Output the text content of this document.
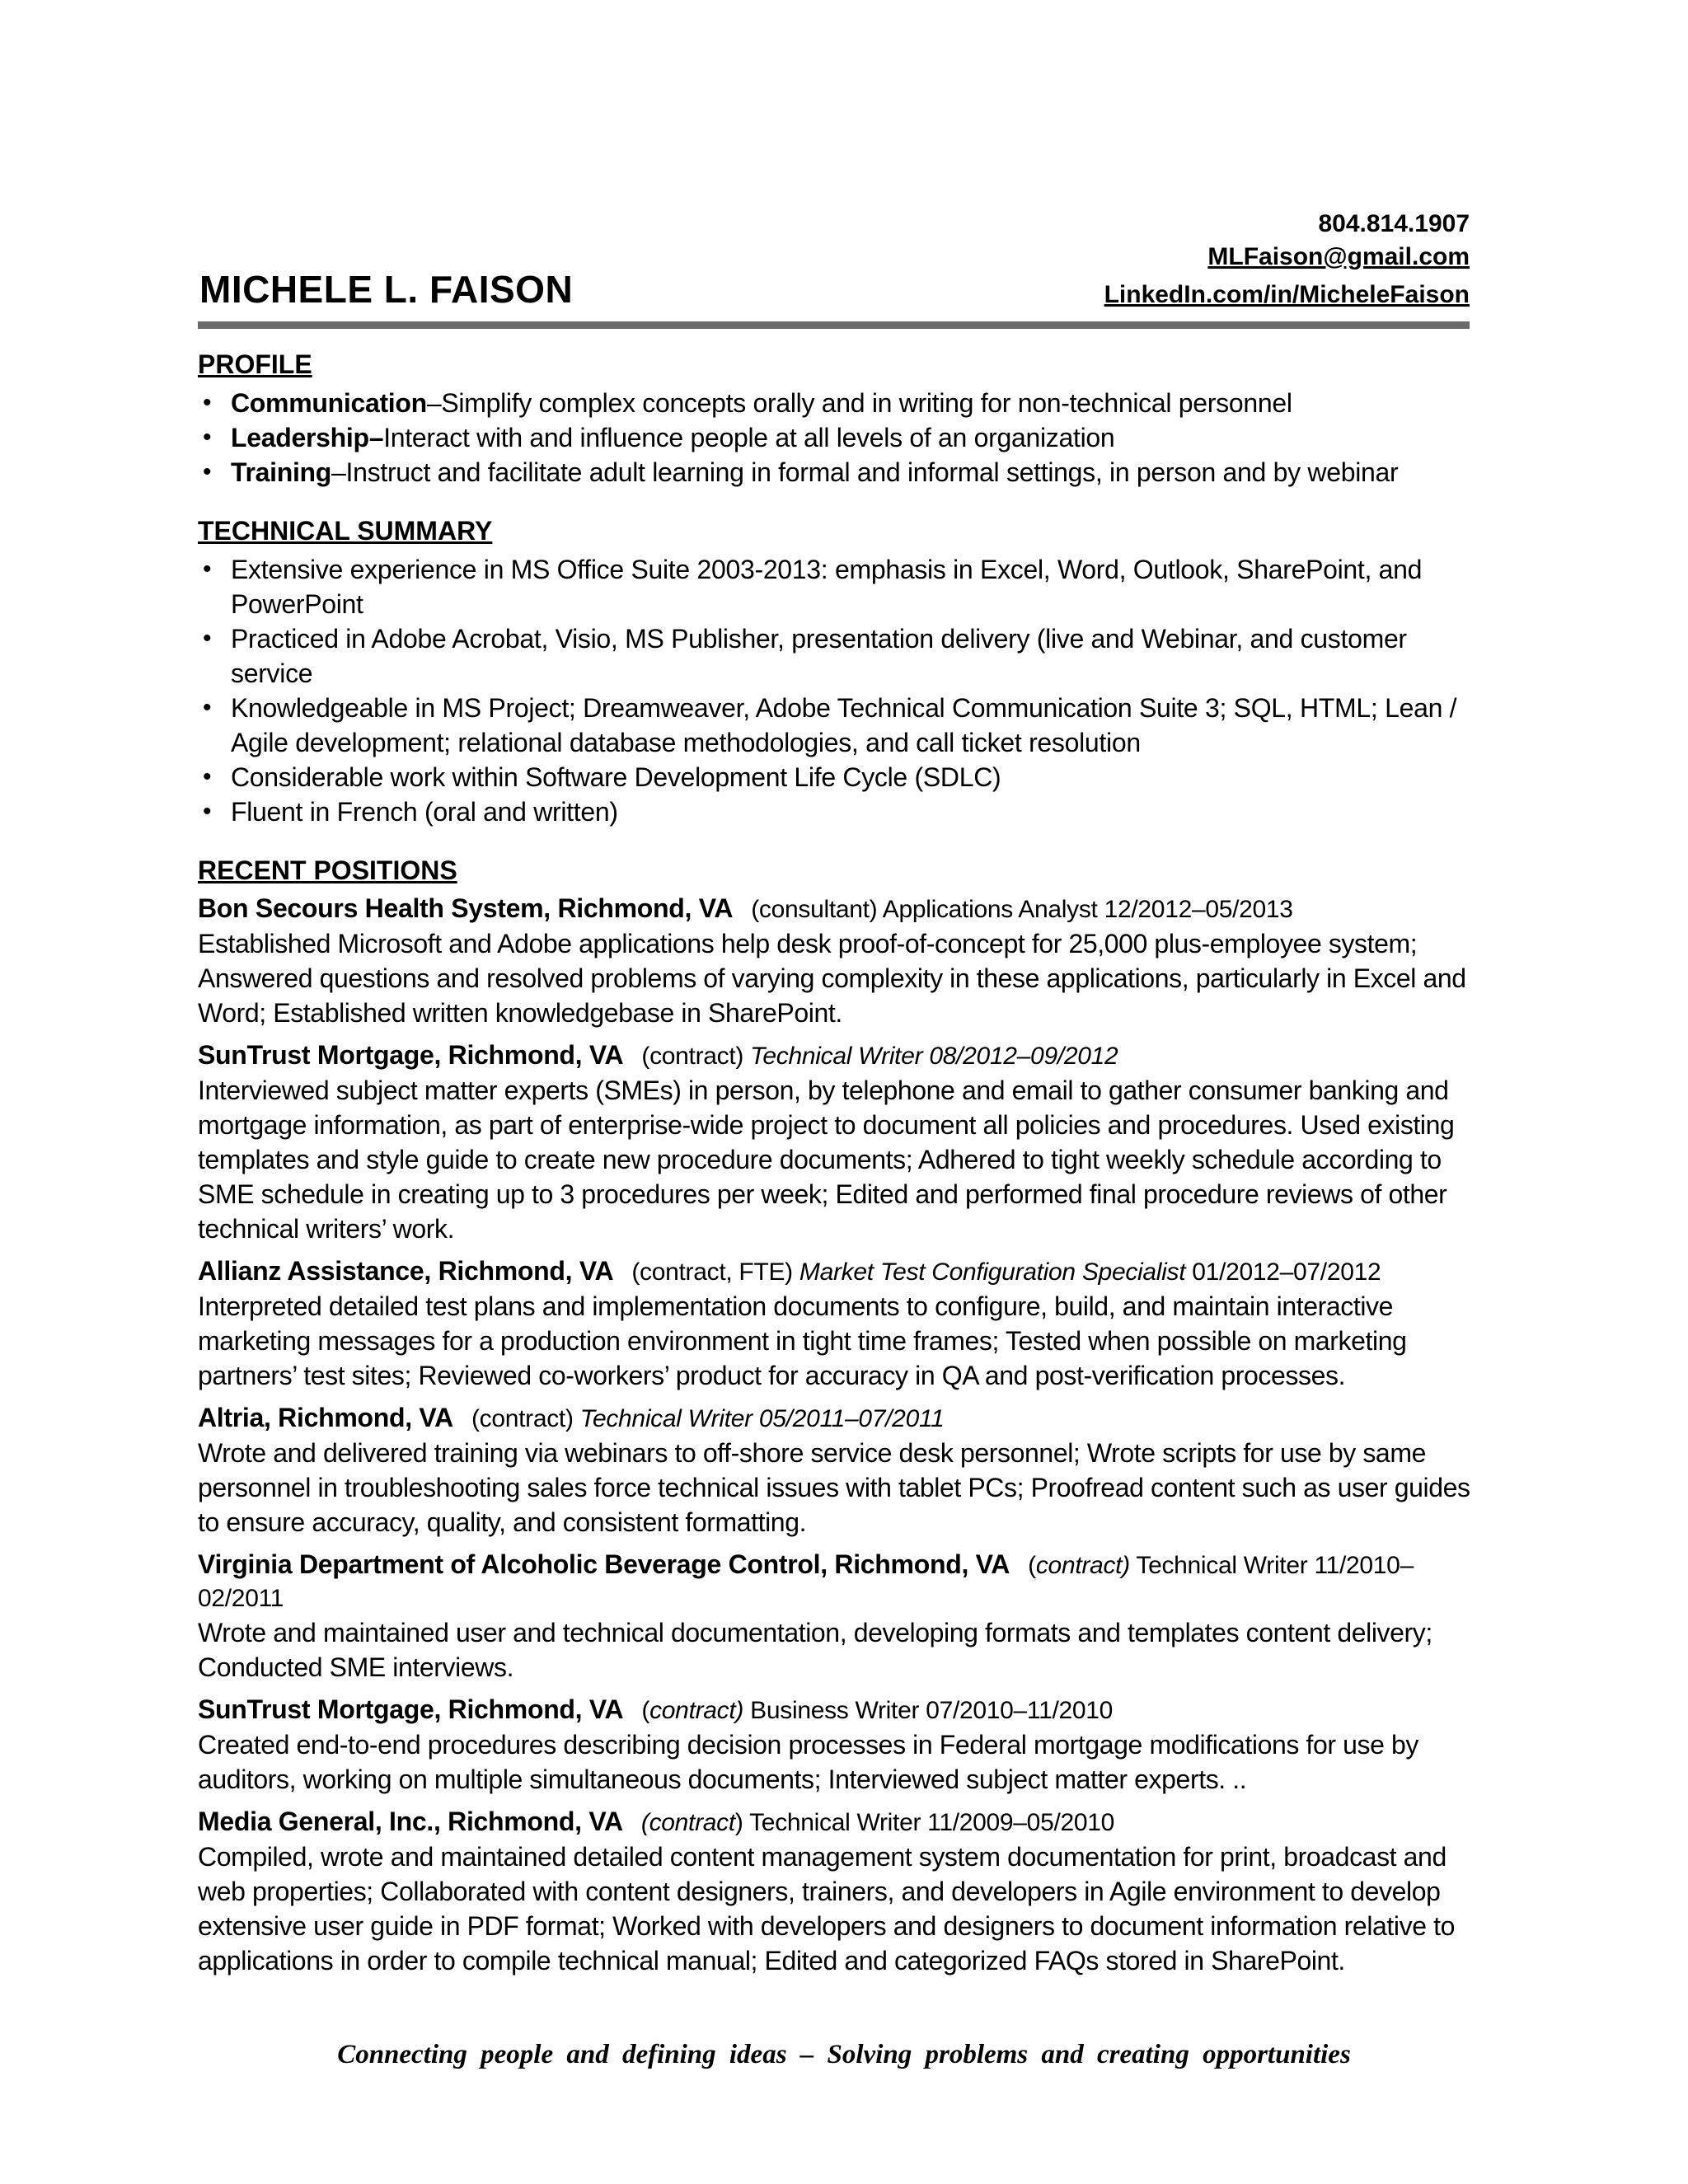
804.814.1907
MLFaison@gmail.com
LinkedIn.com/in/MicheleFaison
MICHELE L. FAISON
PROFILE
• Communication–Simplify complex concepts orally and in writing for non-technical personnel
• Leadership–Interact with and influence people at all levels of an organization
• Training–Instruct and facilitate adult learning in formal and informal settings, in person and by webinar
TECHNICAL SUMMARY
• Extensive experience in MS Office Suite 2003-2013: emphasis in Excel, Word, Outlook, SharePoint, and PowerPoint
• Practiced in Adobe Acrobat, Visio, MS Publisher, presentation delivery (live and Webinar, and customer service
• Knowledgeable in MS Project; Dreamweaver, Adobe Technical Communication Suite 3; SQL, HTML; Lean / Agile development; relational database methodologies, and call ticket resolution
• Considerable work within Software Development Life Cycle (SDLC)
• Fluent in French (oral and written)
RECENT POSITIONS
Bon Secours Health System, Richmond, VA (consultant) Applications Analyst 12/2012–05/2013

Established Microsoft and Adobe applications help desk proof-of-concept for 25,000 plus-employee system; Answered questions and resolved problems of varying complexity in these applications, particularly in Excel and Word; Established written knowledgebase in SharePoint.

SunTrust Mortgage, Richmond, VA (contract) Technical Writer 08/2012–09/2012

Interviewed subject matter experts (SMEs) in person, by telephone and email to gather consumer banking and mortgage information, as part of enterprise-wide project to document all policies and procedures. Used existing templates and style guide to create new procedure documents; Adhered to tight weekly schedule according to SME schedule in creating up to 3 procedures per week; Edited and performed final procedure reviews of other technical writers’ work.

Allianz Assistance, Richmond, VA (contract, FTE) Market Test Configuration Specialist 01/2012–07/2012

Interpreted detailed test plans and implementation documents to configure, build, and maintain interactive marketing messages for a production environment in tight time frames; Tested when possible on marketing partners’ test sites; Reviewed co-workers’ product for accuracy in QA and post-verification processes.

Altria, Richmond, VA (contract) Technical Writer 05/2011–07/2011

Wrote and delivered training via webinars to off-shore service desk personnel; Wrote scripts for use by same personnel in troubleshooting sales force technical issues with tablet PCs; Proofread content such as user guides to ensure accuracy, quality, and consistent formatting.

Virginia Department of Alcoholic Beverage Control, Richmond, VA (contract) Technical Writer 11/2010–02/2011

Wrote and maintained user and technical documentation, developing formats and templates content delivery; Conducted SME interviews.

SunTrust Mortgage, Richmond, VA (contract) Business Writer 07/2010–11/2010

Created end-to-end procedures describing decision processes in Federal mortgage modifications for use by auditors, working on multiple simultaneous documents; Interviewed subject matter experts. ..

Media General, Inc., Richmond, VA (contract) Technical Writer 11/2009–05/2010

Compiled, wrote and maintained detailed content management system documentation for print, broadcast and web properties; Collaborated with content designers, trainers, and developers in Agile environment to develop extensive user guide in PDF format; Worked with developers and designers to document information relative to applications in order to compile technical manual; Edited and categorized FAQs stored in SharePoint.

Connecting people and defining ideas – Solving problems and creating opportunities
